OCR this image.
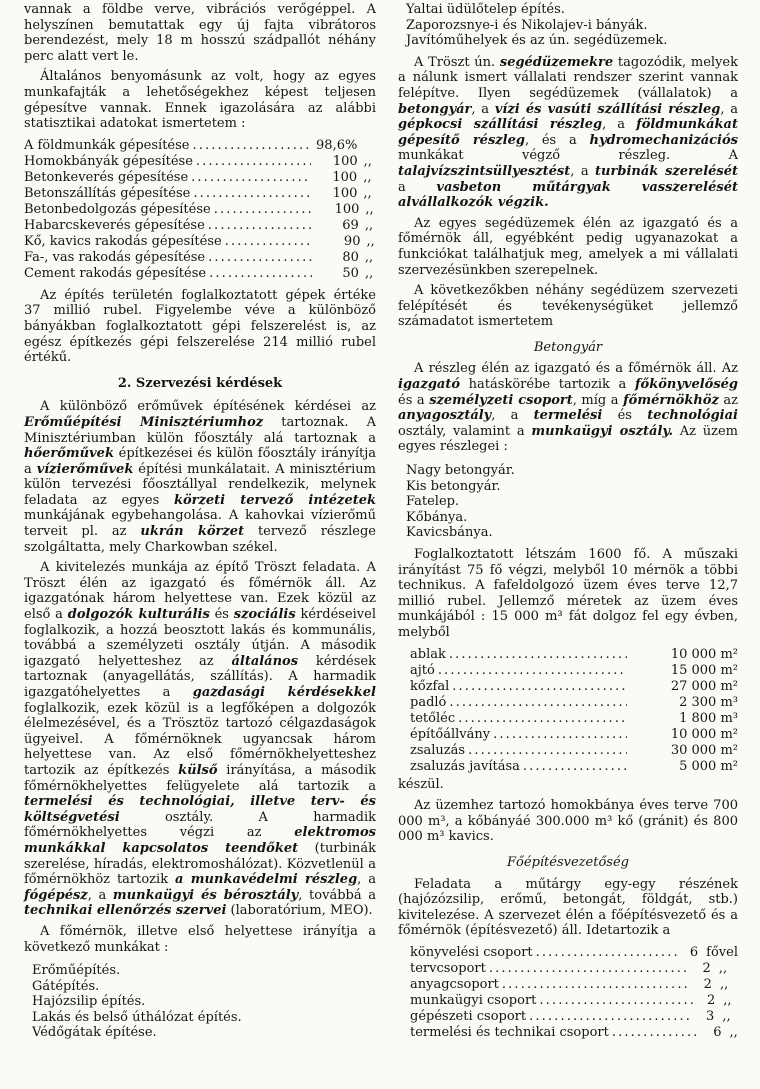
vannak a földbe verve, vibrációs verőgéppel. A helyszínen bemutattak egy új fajta vibrátoros berendezést, mely 18 m hosszú szádpallót néhány perc alatt vert le.

Általános benyomásunk az volt, hogy az egyes munkafajták a lehetőségekhez képest teljesen gépesítve vannak. Ennek igazolására az alábbi statisztikai adatokat ismertetem :

A földmunkák gépesítése . . .	98,6%
Homokbányák gépesítése . . .	100 ,,
Betonkeverés gépesítése . . .	100 ,,
Betonszállítás gépesítése . . .	100 ,,
Betonbedolgozás gépesítése . . .	100 ,,
Habarcskeverés gépesítése . . .	69 ,,
Kő, kavics rakodás gépesítése . . .	90 ,,
Fa-, vas rakodás gépesítése . . .	80 ,,
Cement rakodás gépesítése . . .	50 ,,

Az építés területén foglalkoztatott gépek értéke 37 millió rubel. Figyelembe véve a különböző bányákban foglalkoztatott gépi felszerelést is, az egész építkezés gépi felszerelése 214 millió rubel értékű.

2. Szervezési kérdések

A különböző erőművek építésének kérdései az Erőműépítési Minisztériumhoz tartoznak. A Minisztériumban külön főosztály alá tartoznak a hőerőművek építkezései és külön főosztály irányítja a vízierőművek építési munkálatait. A minisztérium külön tervezési főosztállyal rendelkezik, melynek feladata az egyes körzeti tervező intézetek munkájának egybehangolása. A kahovkai vízierőmű terveit pl. az ukrán körzet tervező részlege szolgáltatta, mely Charkowban székel.

A kivitelezés munkája az építő Tröszt feladata. A Tröszt élén az igazgató és főmérnök áll. Az igazgatónak három helyettese van. Ezek közül az első a dolgozók kulturális és szociális kérdéseivel foglalkozik, a hozzá beosztott lakás és kommunális, továbbá a személyzeti osztály útján. A második igazgató helyetteshez az általános kérdések tartoznak (anyagellátás, szállítás). A harmadik igazgatóhelyettes a gazdasági kérdésekkel foglalkozik, ezek közül is a legfőképen a dolgozók élelmezésével, és a Trösztöz tartozó célgazdaságok ügyeivel. A főmérnöknek ugyancsak három helyettese van. Az első főmérnökhelyetteshez tartozik az építkezés külső irányítása, a második főmérnökhelyettes felügyelete alá tartozik a termelési és technológiai, illetve terv- és költségvetési osztály. A harmadik főmérnökhelyettes végzi az elektromos munkákkal kapcsolatos teendőket (turbinák szerelése, híradás, elektromoshálózat). Közvetlenül a főmérnökhöz tartozik a munkavédelmi részleg, a fógépész, a munkaügyi és bérosztály, továbbá a technikai ellenőrzés szervei (laboratórium, MEO).

A főmérnök, illetve első helyettese irányítja a következő munkákat :

Erőműépítés.
Gátépítés.
Hajózsilip építés.
Lakás és belső úthálózat építés.
Védőgátak építése.
Yaltai üdülőtelep építés.
Zaporozsnye-i és Nikolajev-i bányák.
Javítóműhelyek és az ún. segédüzemek.

A Tröszt ún. segédüzemekre tagozódik, melyek a nálunk ismert vállalati rendszer szerint vannak felépítve. Ilyen segédüzemek (vállalatok) a betongyár, a vízi és vasúti szállítási részleg, a gépkocsi szállítási részleg, a földmunkákat gépesítő részleg, és a hydromechanizációs munkákat végző részleg. A talajvízszintsüllyesztést, a turbinák szerelését a vasbeton műtárgyak vasszerelését alvállalkozók végzik.

Az egyes segédüzemek élén az igazgató és a főmérnök áll, egyébként pedig ugyanazokat a funkciókat találhatjuk meg, amelyek a mi vállalati szervezésünkben szerepelnek.

A következőkben néhány segédüzem szervezeti felépítését és tevékenységüket jellemző számadatot ismertetem

Betongyár

A részleg élén az igazgató és a főmérnök áll. Az igazgató hatáskörébe tartozik a főkönyvelőség és a személyzeti csoport, míg a főmérnökhöz az anyagosztály, a termelési és technológiai osztály, valamint a munkaügyi osztály. Az üzem egyes részlegei :

Nagy betongyár.
Kis betongyár.
Fatelep.
Kőbánya.
Kavicsbánya.

Foglalkoztatott létszám 1600 fő. A műszaki irányítást 75 fő végzi, melyből 10 mérnök a többi technikus. A fafeldolgozó üzem éves terve 12,7 millió rubel. Jellemző méretek az üzem éves munkájából : 15 000 m³ fát dolgoz fel egy évben, melyből

ablak . . .	10 000 m²
ajtó . . .	15 000 m²
kőzfal . . .	27 000 m²
padló . . .	2 300 m³
tetőléc . . .	1 800 m³
építőállvány . . .	10 000 m²
zsaluzás . . .	30 000 m²
zsaluzás javítása . . .	5 000 m²
készül.

Az üzemhez tartozó homokbánya éves terve 700 000 m³, a kőbányáé 300.000 m³ kő (gránit) és 800 000 m³ kavics.

Főépítésvezetőség

Feladata a műtárgy egy-egy részének (hajózózsilip, erőmű, betongát, földgát, stb.) kivitelezése. A szervezet élén a főépítésvezető és a főmérnök (építésvezető) áll. Idetartozik a

könyvelési csoport . . .	6 fővel
tervcsoport . . .	2 ,,
anyagcsoport . . .	2 ,,
munkaügyi csoport . . .	2 ,,
gépészeti csoport . . .	3 ,,
termelési és technikai csoport . . .	6 ,,
